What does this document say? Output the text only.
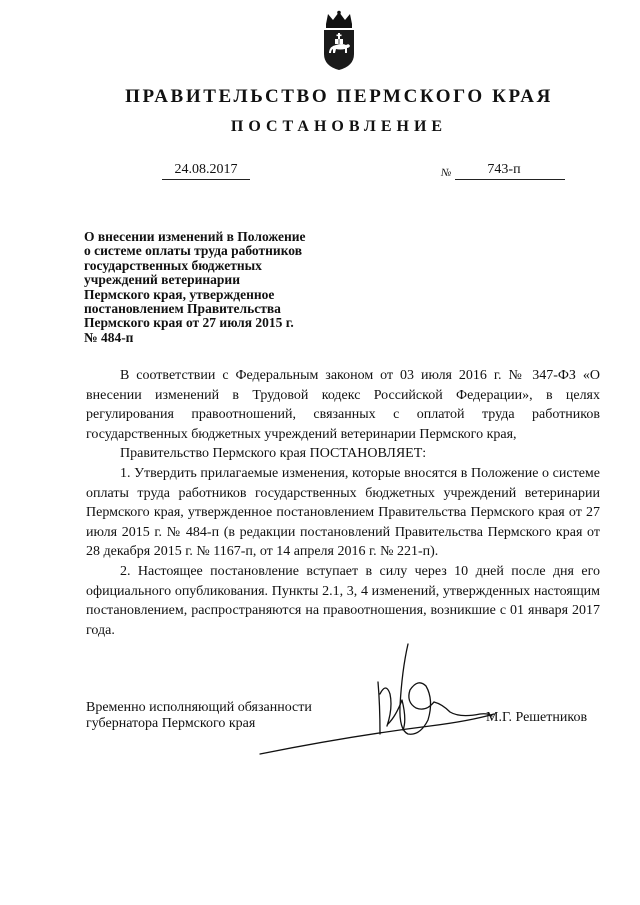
ПРАВИТЕЛЬСТВО ПЕРМСКОГО КРАЯ
ПОСТАНОВЛЕНИЕ
24.08.2017	№	743-п
О внесении изменений в Положение
о системе оплаты труда работников
государственных бюджетных
учреждений ветеринарии
Пермского края, утвержденное
постановлением Правительства
Пермского края от 27 июля 2015 г.
№ 484-п

В соответствии с Федеральным законом от 03 июля 2016 г. № 347-ФЗ «О внесении изменений в Трудовой кодекс Российской Федерации», в целях регулирования правоотношений, связанных с оплатой труда работников государственных бюджетных учреждений ветеринарии Пермского края,

Правительство Пермского края ПОСТАНОВЛЯЕТ:

1. Утвердить прилагаемые изменения, которые вносятся в Положение о системе оплаты труда работников государственных бюджетных учреждений ветеринарии Пермского края, утвержденное постановлением Правительства Пермского края от 27 июля 2015 г. № 484-п (в редакции постановлений Правительства Пермского края от 28 декабря 2015 г. № 1167-п, от 14 апреля 2016 г. № 221-п).

2. Настоящее постановление вступает в силу через 10 дней после дня его официального опубликования. Пункты 2.1, 3, 4 изменений, утвержденных настоящим постановлением, распространяются на правоотношения, возникшие с 01 января 2017 года.

Временно исполняющий обязанности
губернатора Пермского края	М.Г. Решетников
